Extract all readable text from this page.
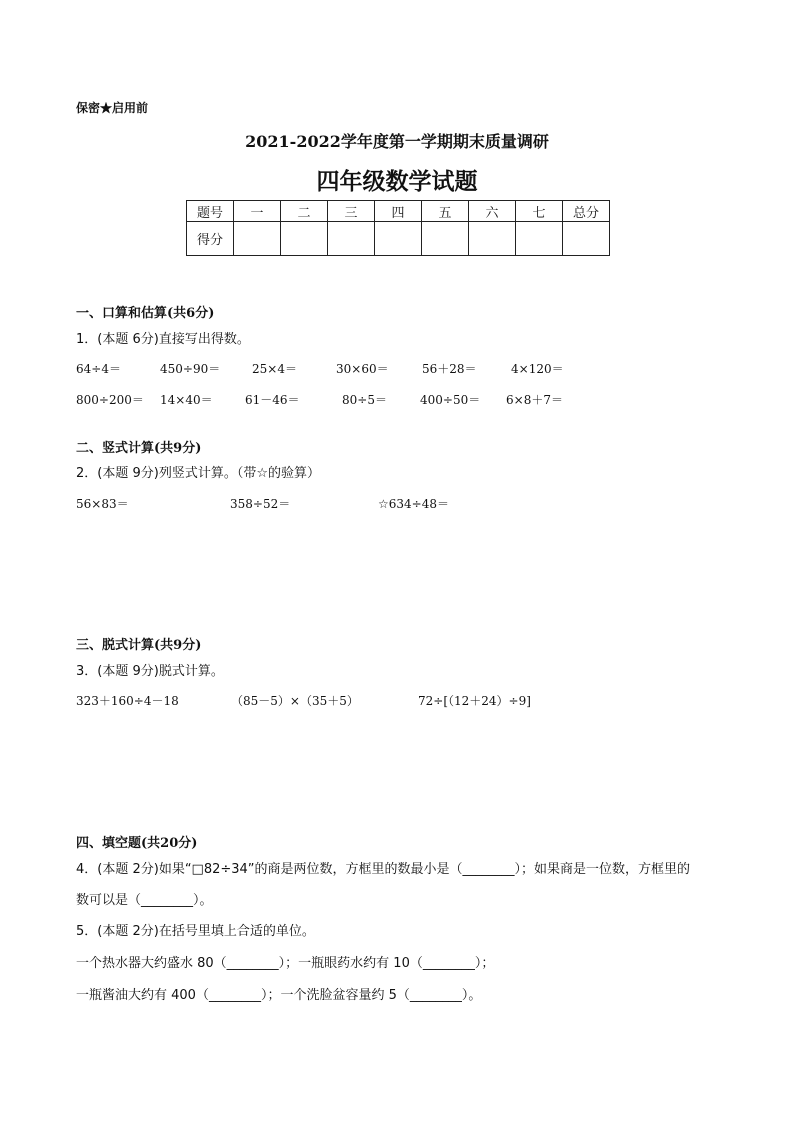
保密★启用前
2021-2022学年度第一学期期末质量调研
四年级数学试题
题号	一	二	三	四	五	六	七	总分
得分								
一、口算和估算(共6分)
1．(本题 6分)直接写出得数。
64÷4＝	450÷90＝	25×4＝	30×60＝	56＋28＝	4×120＝
800÷200＝ 14×40＝	61－46＝	80÷5＝	400÷50＝ 6×8＋7＝
二、竖式计算(共9分)
2．(本题 9分)列竖式计算。（带☆的验算）
56×83＝	358÷52＝	☆634÷48＝
三、脱式计算(共9分)
3．(本题 9分)脱式计算。
323＋160÷4－18	（85－5）×（35＋5）	72÷[（12＋24）÷9]
四、填空题(共20分)
4．(本题 2分)如果“□82÷34”的商是两位数，方框里的数最小是（________）；如果商是一位数，方框里的
数可以是（________）。
5．(本题 2分)在括号里填上合适的单位。
一个热水器大约盛水 80（________）；一瓶眼药水约有 10（________）；
一瓶酱油大约有 400（________）；一个洗脸盆容量约 5（________）。
